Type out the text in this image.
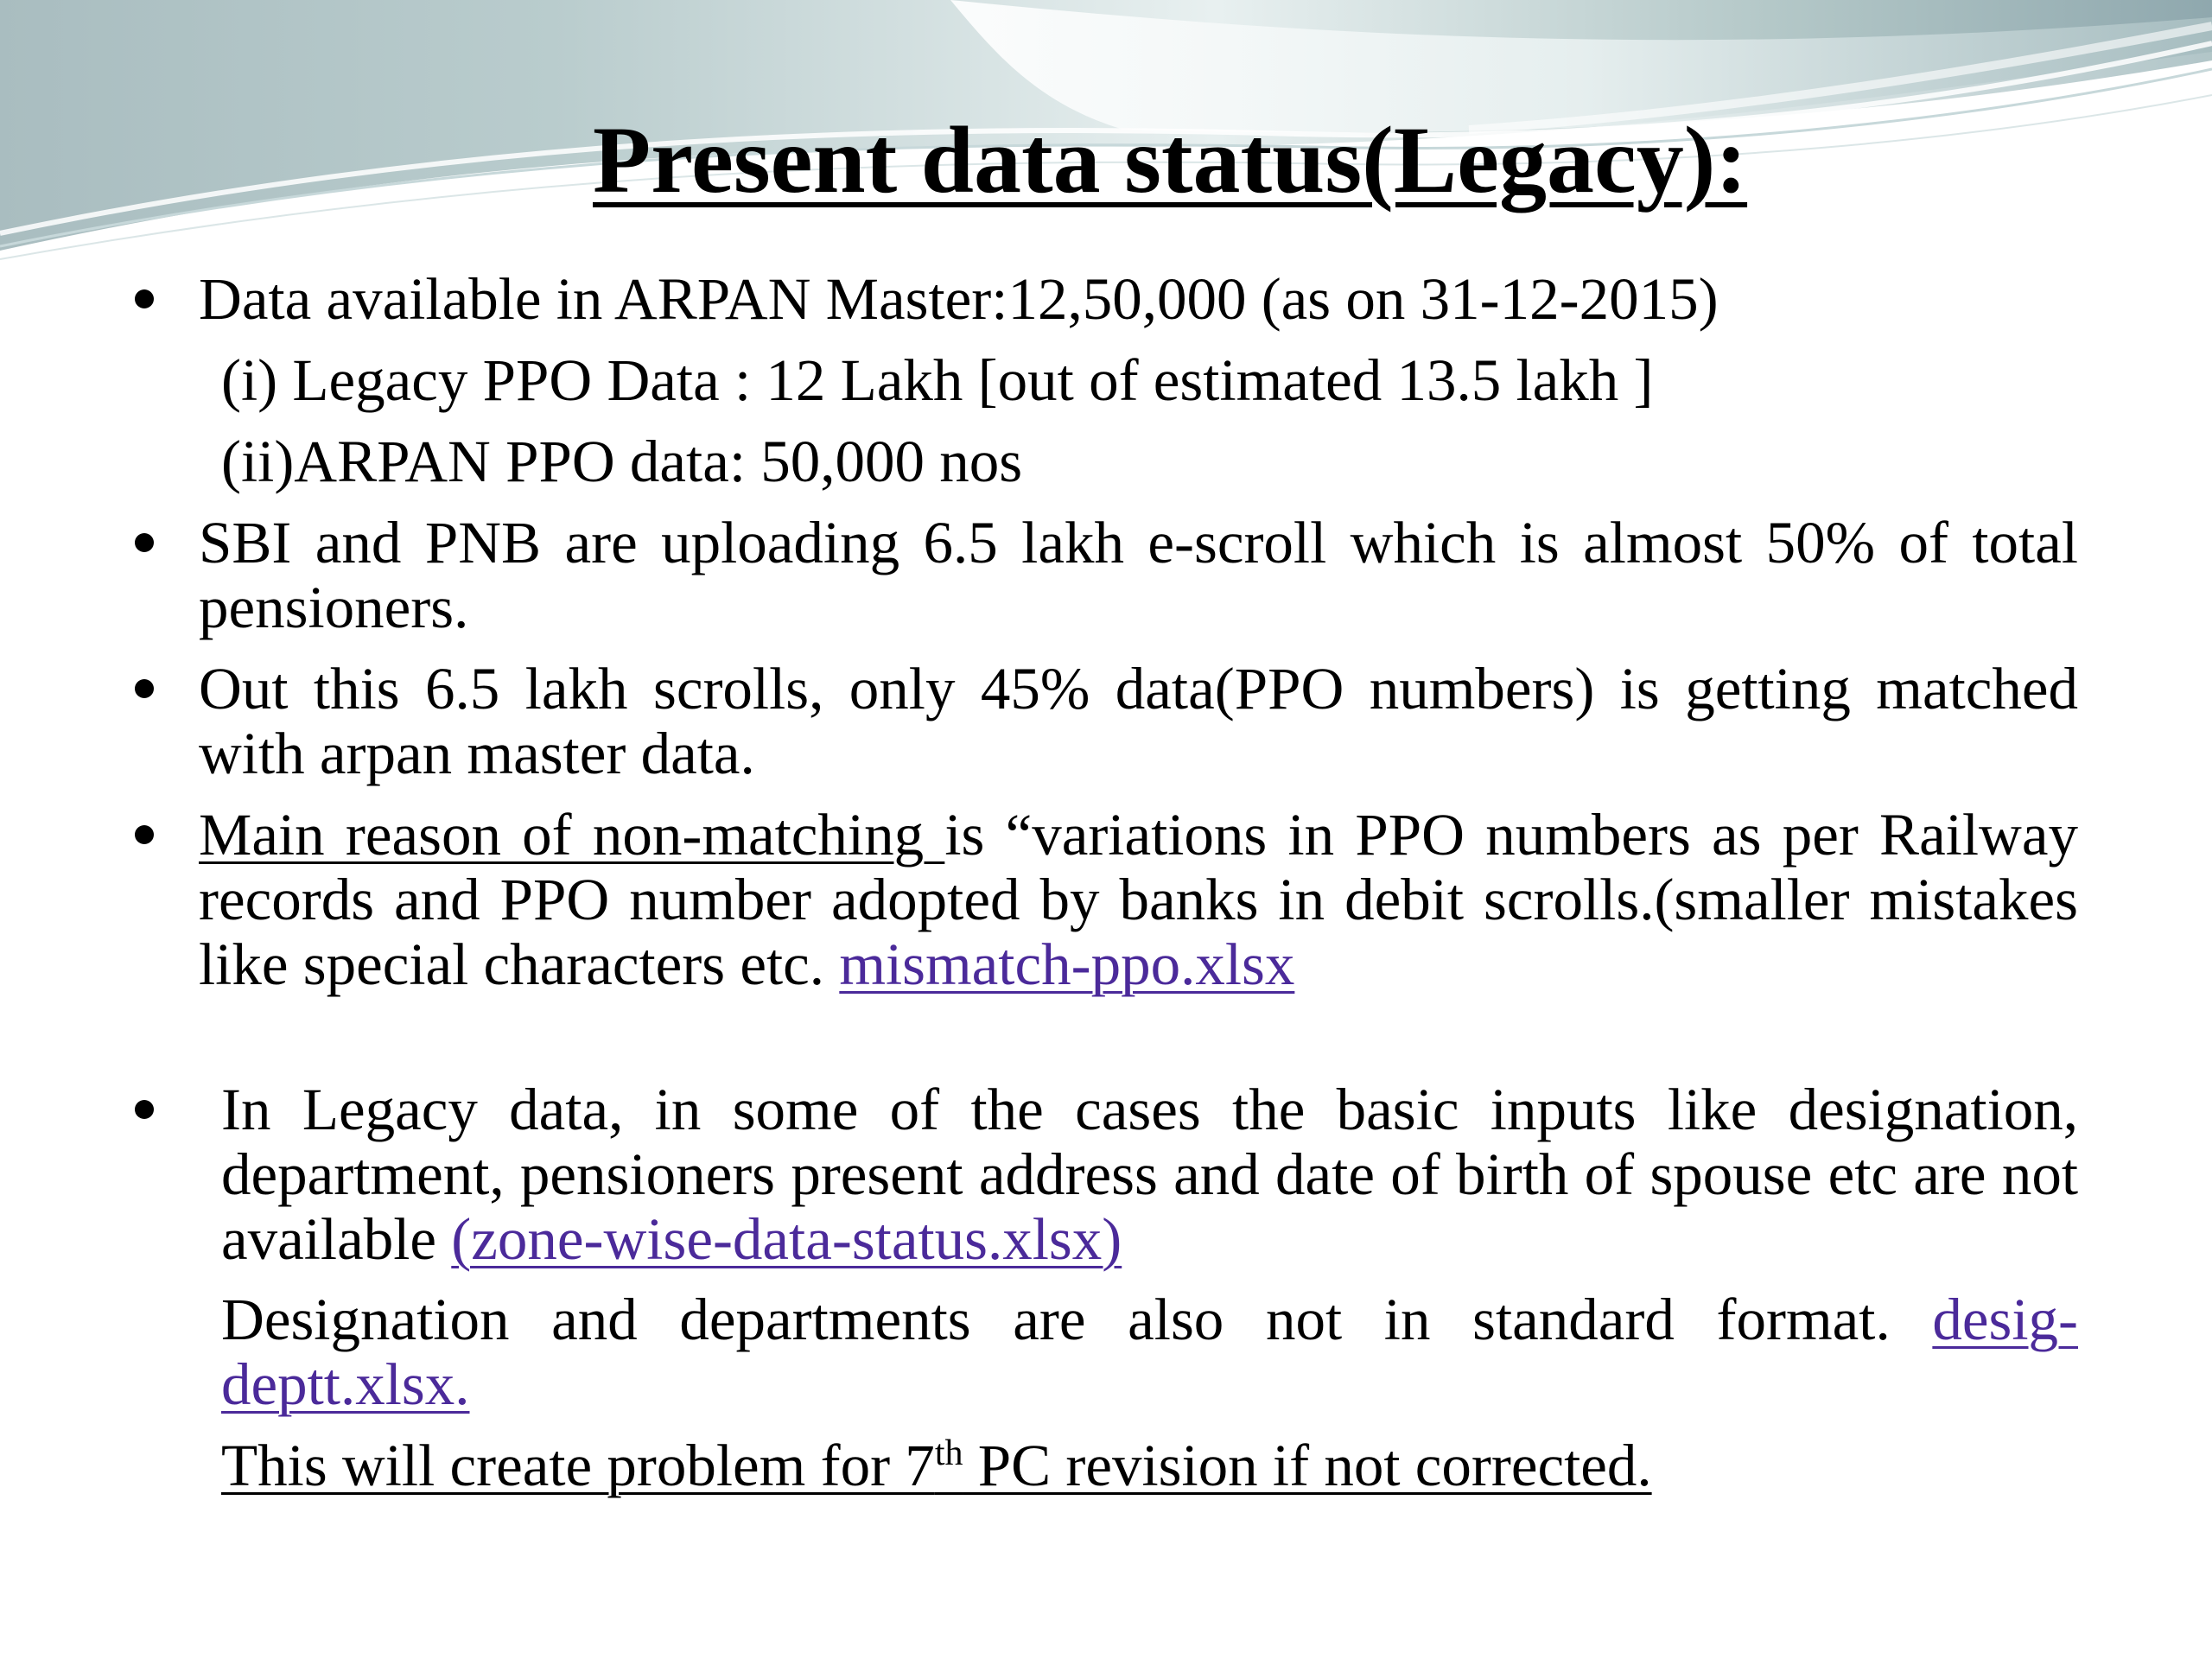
Present data status(Legacy):
Data available in ARPAN Master:12,50,000 (as on 31-12-2015)
(i) Legacy PPO Data : 12 Lakh [out of estimated 13.5 lakh ]
(ii)ARPAN PPO data: 50,000 nos
SBI and PNB are uploading 6.5 lakh e-scroll which is almost 50% of total pensioners.
Out this 6.5 lakh scrolls, only 45% data(PPO numbers) is getting matched with arpan master data.
Main reason of non-matching is “variations in PPO numbers as per Railway records and PPO number adopted by banks in debit scrolls.(smaller mistakes like special characters etc. mismatch-ppo.xlsx
In Legacy data, in some of the cases the basic inputs like designation, department, pensioners present address and date of birth of spouse etc are not available (zone-wise-data-status.xlsx)
Designation and departments are also not in standard format. desig-deptt.xlsx.
This will create problem for 7th PC revision if not corrected.
